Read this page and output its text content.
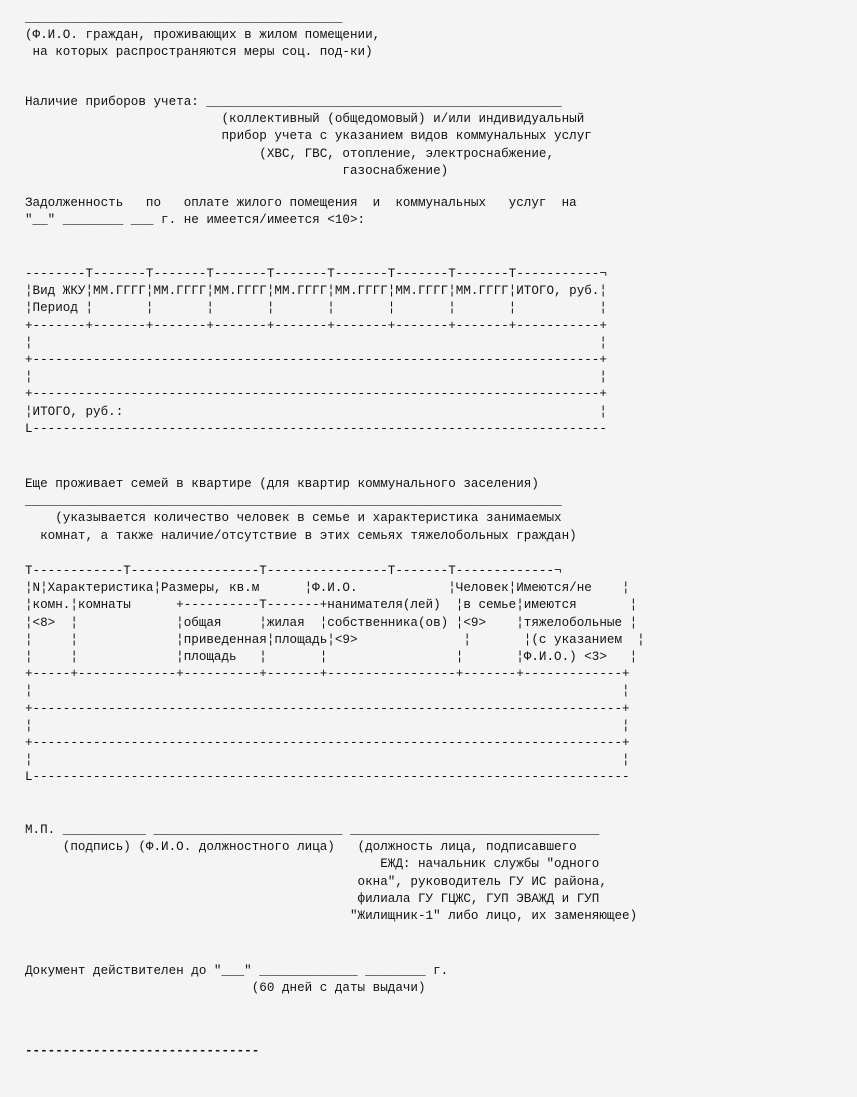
__________________________________________
(Ф.И.О. граждан, проживающих в жилом помещении,
на которых распространяются меры соц. под-ки)
Наличие приборов учета: _______________________________________________
(коллективный (общедомовый) и/или индивидуальный
прибор учета с указанием видов коммунальных услуг
(ХВС, ГВС, отопление, электроснабжение,
газоснабжение)
Задолженность   по   оплате жилого помещения  и  коммунальных   услуг  на
"__" ________ ___ г. не имеется/имеется <10>:
--------T-------T-------T-------T-------T-------T-------T-------T-----------¬
¦Вид ЖКУ¦ММ.ГГГГ¦ММ.ГГГГ¦ММ.ГГГГ¦ММ.ГГГГ¦ММ.ГГГГ¦ММ.ГГГГ¦ММ.ГГГГ¦ИТОГО, руб.¦
¦Период ¦       ¦       ¦       ¦       ¦       ¦       ¦       ¦           ¦
+-------+-------+-------+-------+-------+-------+-------+-------+-----------+
¦                                                                           ¦
+---------------------------------------------------------------------------+
¦                                                                           ¦
+---------------------------------------------------------------------------+
¦ИТОГО, руб.:                                                               ¦
L----------------------------------------------------------------------------
Еще проживает семей в квартире (для квартир коммунального заселения)
_______________________________________________________________________
(указывается количество человек в семье и характеристика занимаемых
комнат, а также наличие/отсутствие в этих семьях тяжелобольных граждан)
T------------T-----------------T----------------T-------T-------------¬
¦N¦Характеристика¦Размеры, кв.м      ¦Ф.И.О.            ¦Человек¦Имеются/не    ¦
¦комн.¦комнаты      +----------T-------+нанимателя(лей)  ¦в семье¦имеются       ¦
¦<8>  ¦             ¦общая     ¦жилая  ¦собственника(ов) ¦<9>    ¦тяжелобольные ¦
¦     ¦             ¦приведенная¦площадь¦<9>              ¦       ¦(с указанием  ¦
¦     ¦             ¦площадь   ¦       ¦                 ¦       ¦Ф.И.О.) <3>   ¦
+-----+-------------+----------+-------+-----------------+-------+-------------+
¦                                                                              ¦
+------------------------------------------------------------------------------+
¦                                                                              ¦
+------------------------------------------------------------------------------+
¦                                                                              ¦
L-------------------------------------------------------------------------------
М.П. ___________ _________________________ _________________________________
(подпись) (Ф.И.О. должностного лица)   (должность лица, подписавшего
ЕЖД: начальник службы "одного
окна", руководитель ГУ ИС района,
филиала ГУ ГЦЖС, ГУП ЭВАЖД и ГУП
"Жилищник-1" либо лицо, их заменяющее)
Документ действителен до "___" _____________ ________ г.
(60 дней с даты выдачи)
-------------------------------
